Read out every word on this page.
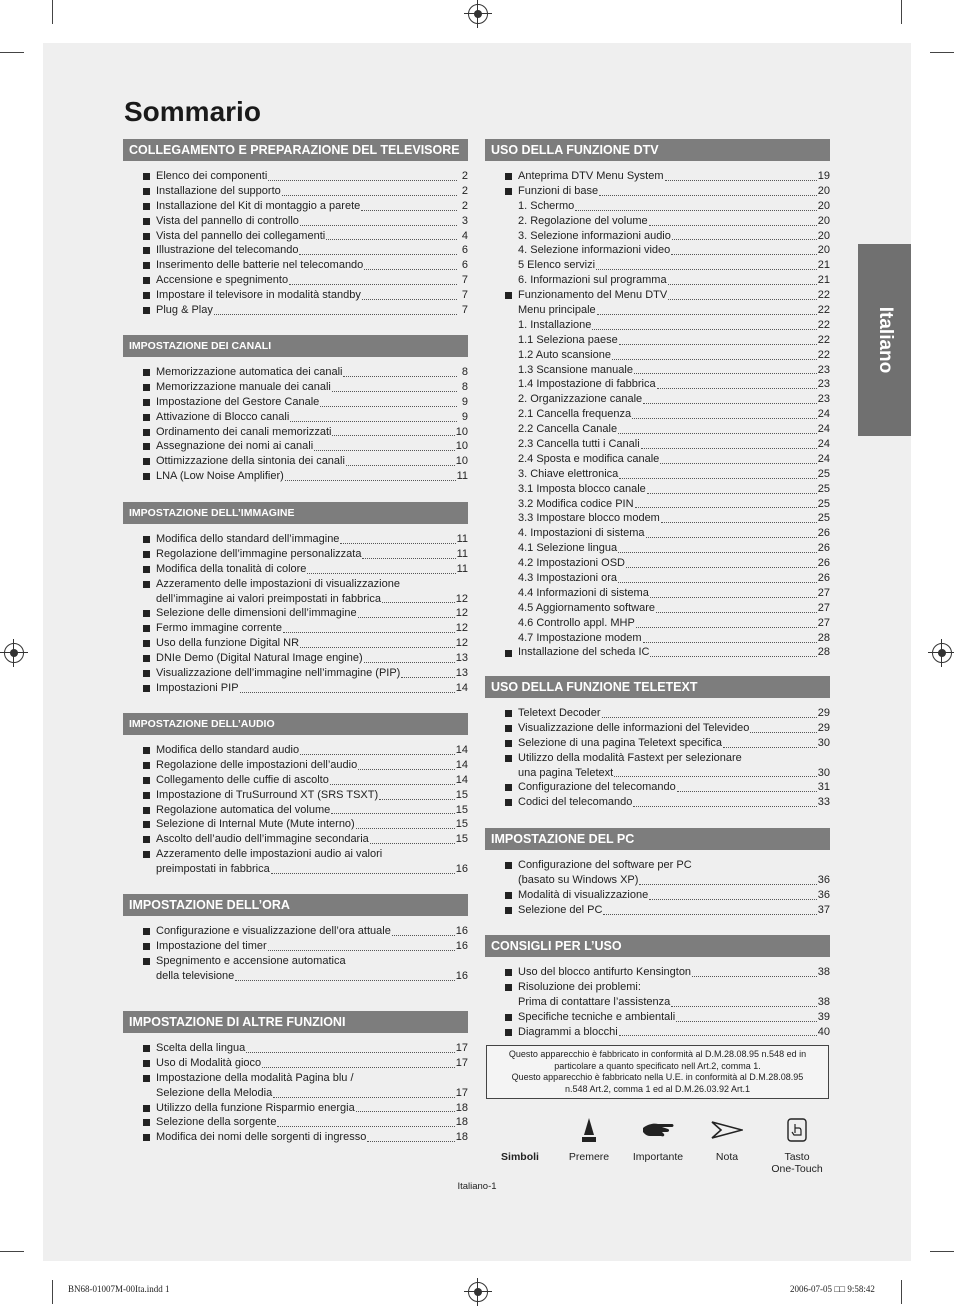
Sommario
Italiano
COLLEGAMENTO E PREPARAZIONE DEL TELEVISORE
Elenco dei componenti	2
Installazione del supporto	2
Installazione del Kit di montaggio a parete	2
Vista del pannello di controllo	3
Vista del pannello dei collegamenti	4
Illustrazione del telecomando	6
Inserimento delle batterie nel telecomando	6
Accensione e spegnimento	7
Impostare il televisore in modalità standby	7
Plug & Play	7
IMPOSTAZIONE DEI CANALI
Memorizzazione automatica dei canali	8
Memorizzazione manuale dei canali	8
Impostazione del Gestore Canale	9
Attivazione di Blocco canali	9
Ordinamento dei canali memorizzati	10
Assegnazione dei nomi ai canali	10
Ottimizzazione della sintonia dei canali	10
LNA (Low Noise Amplifier)	11
IMPOSTAZIONE DELL’IMMAGINE
Modifica dello standard dell’immagine	11
Regolazione dell’immagine personalizzata	11
Modifica della tonalità di colore	11
Azzeramento delle impostazioni di visualizzazione
dell’immagine ai valori preimpostati in fabbrica	12
Selezione delle dimensioni dell’immagine	12
Fermo immagine corrente	12
Uso della funzione Digital NR	12
DNIe Demo (Digital Natural Image engine)	13
Visualizzazione dell’immagine nell’immagine (PIP)	13
Impostazioni PIP	14
IMPOSTAZIONE DELL’AUDIO
Modifica dello standard audio	14
Regolazione delle impostazioni dell’audio	14
Collegamento delle cuffie di ascolto	14
Impostazione di TruSurround XT (SRS TSXT)	15
Regolazione automatica del volume	15
Selezione di Internal Mute (Mute interno)	15
Ascolto dell’audio dell’immagine secondaria	15
Azzeramento delle impostazioni audio ai valori
preimpostati in fabbrica	16
IMPOSTAZIONE DELL’ORA
Configurazione e visualizzazione dell’ora attuale	16
Impostazione del timer	16
Spegnimento e accensione automatica
della televisione	16
IMPOSTAZIONE DI ALTRE FUNZIONI
Scelta della lingua	17
Uso di Modalità gioco	17
Impostazione della modalità Pagina blu /
Selezione della Melodia	17
Utilizzo della funzione Risparmio energia	18
Selezione della sorgente	18
Modifica dei nomi delle sorgenti di ingresso	18
USO DELLA FUNZIONE DTV
Anteprima DTV Menu System	19
Funzioni di base	20
1. Schermo	20
2. Regolazione del volume	20
3. Selezione informazioni audio	20
4. Selezione informazioni video	20
5 Elenco servizi	21
6. Informazioni sul programma	21
Funzionamento del Menu DTV	22
Menu principale	22
1. Installazione	22
1.1 Seleziona paese	22
1.2 Auto scansione	22
1.3 Scansione manuale	23
1.4 Impostazione di fabbrica	23
2. Organizzazione canale	23
2.1 Cancella frequenza	24
2.2 Cancella Canale	24
2.3 Cancella tutti i Canali	24
2.4 Sposta e modifica canale	24
3. Chiave elettronica	25
3.1 Imposta blocco canale	25
3.2 Modifica codice PIN	25
3.3 Impostare blocco modem	25
4. Impostazioni di sistema	26
4.1 Selezione lingua	26
4.2 Impostazioni OSD	26
4.3 Impostazioni ora	26
4.4 Informazioni di sistema	27
4.5 Aggiornamento software	27
4.6 Controllo appl. MHP	27
4.7 Impostazione modem	28
Installazione del scheda IC	28
USO DELLA FUNZIONE TELETEXT
Teletext Decoder	29
Visualizzazione delle informazioni del Televideo	29
Selezione di una pagina Teletext specifica	30
Utilizzo della modalità Fastext per selezionare
una pagina Teletext	30
Configurazione del telecomando	31
Codici del telecomando	33
IMPOSTAZIONE DEL PC
Configurazione del software per PC
(basato su Windows XP)	36
Modalità di visualizzazione	36
Selezione del PC	37
CONSIGLI PER L’USO
Uso del blocco antifurto Kensington	38
Risoluzione dei problemi:
Prima di contattare l’assistenza	38
Specifiche tecniche e ambientali	39
Diagrammi a blocchi	40
Questo apparecchio è fabbricato in conformità al D.M.28.08.95 n.548 ed in
particolare a quanto specificato nell Art.2, comma 1.
Questo apparecchio è fabbricato nella U.E. in conformità al D.M.28.08.95
n.548 Art.2, comma 1 ed al D.M.26.03.92 Art.1
Simboli	Premere	Importante	Nota	Tasto
One-Touch
Italiano-1
BN68-01007M-00Ita.indd 1	2006-07-05 □□ 9:58:42
